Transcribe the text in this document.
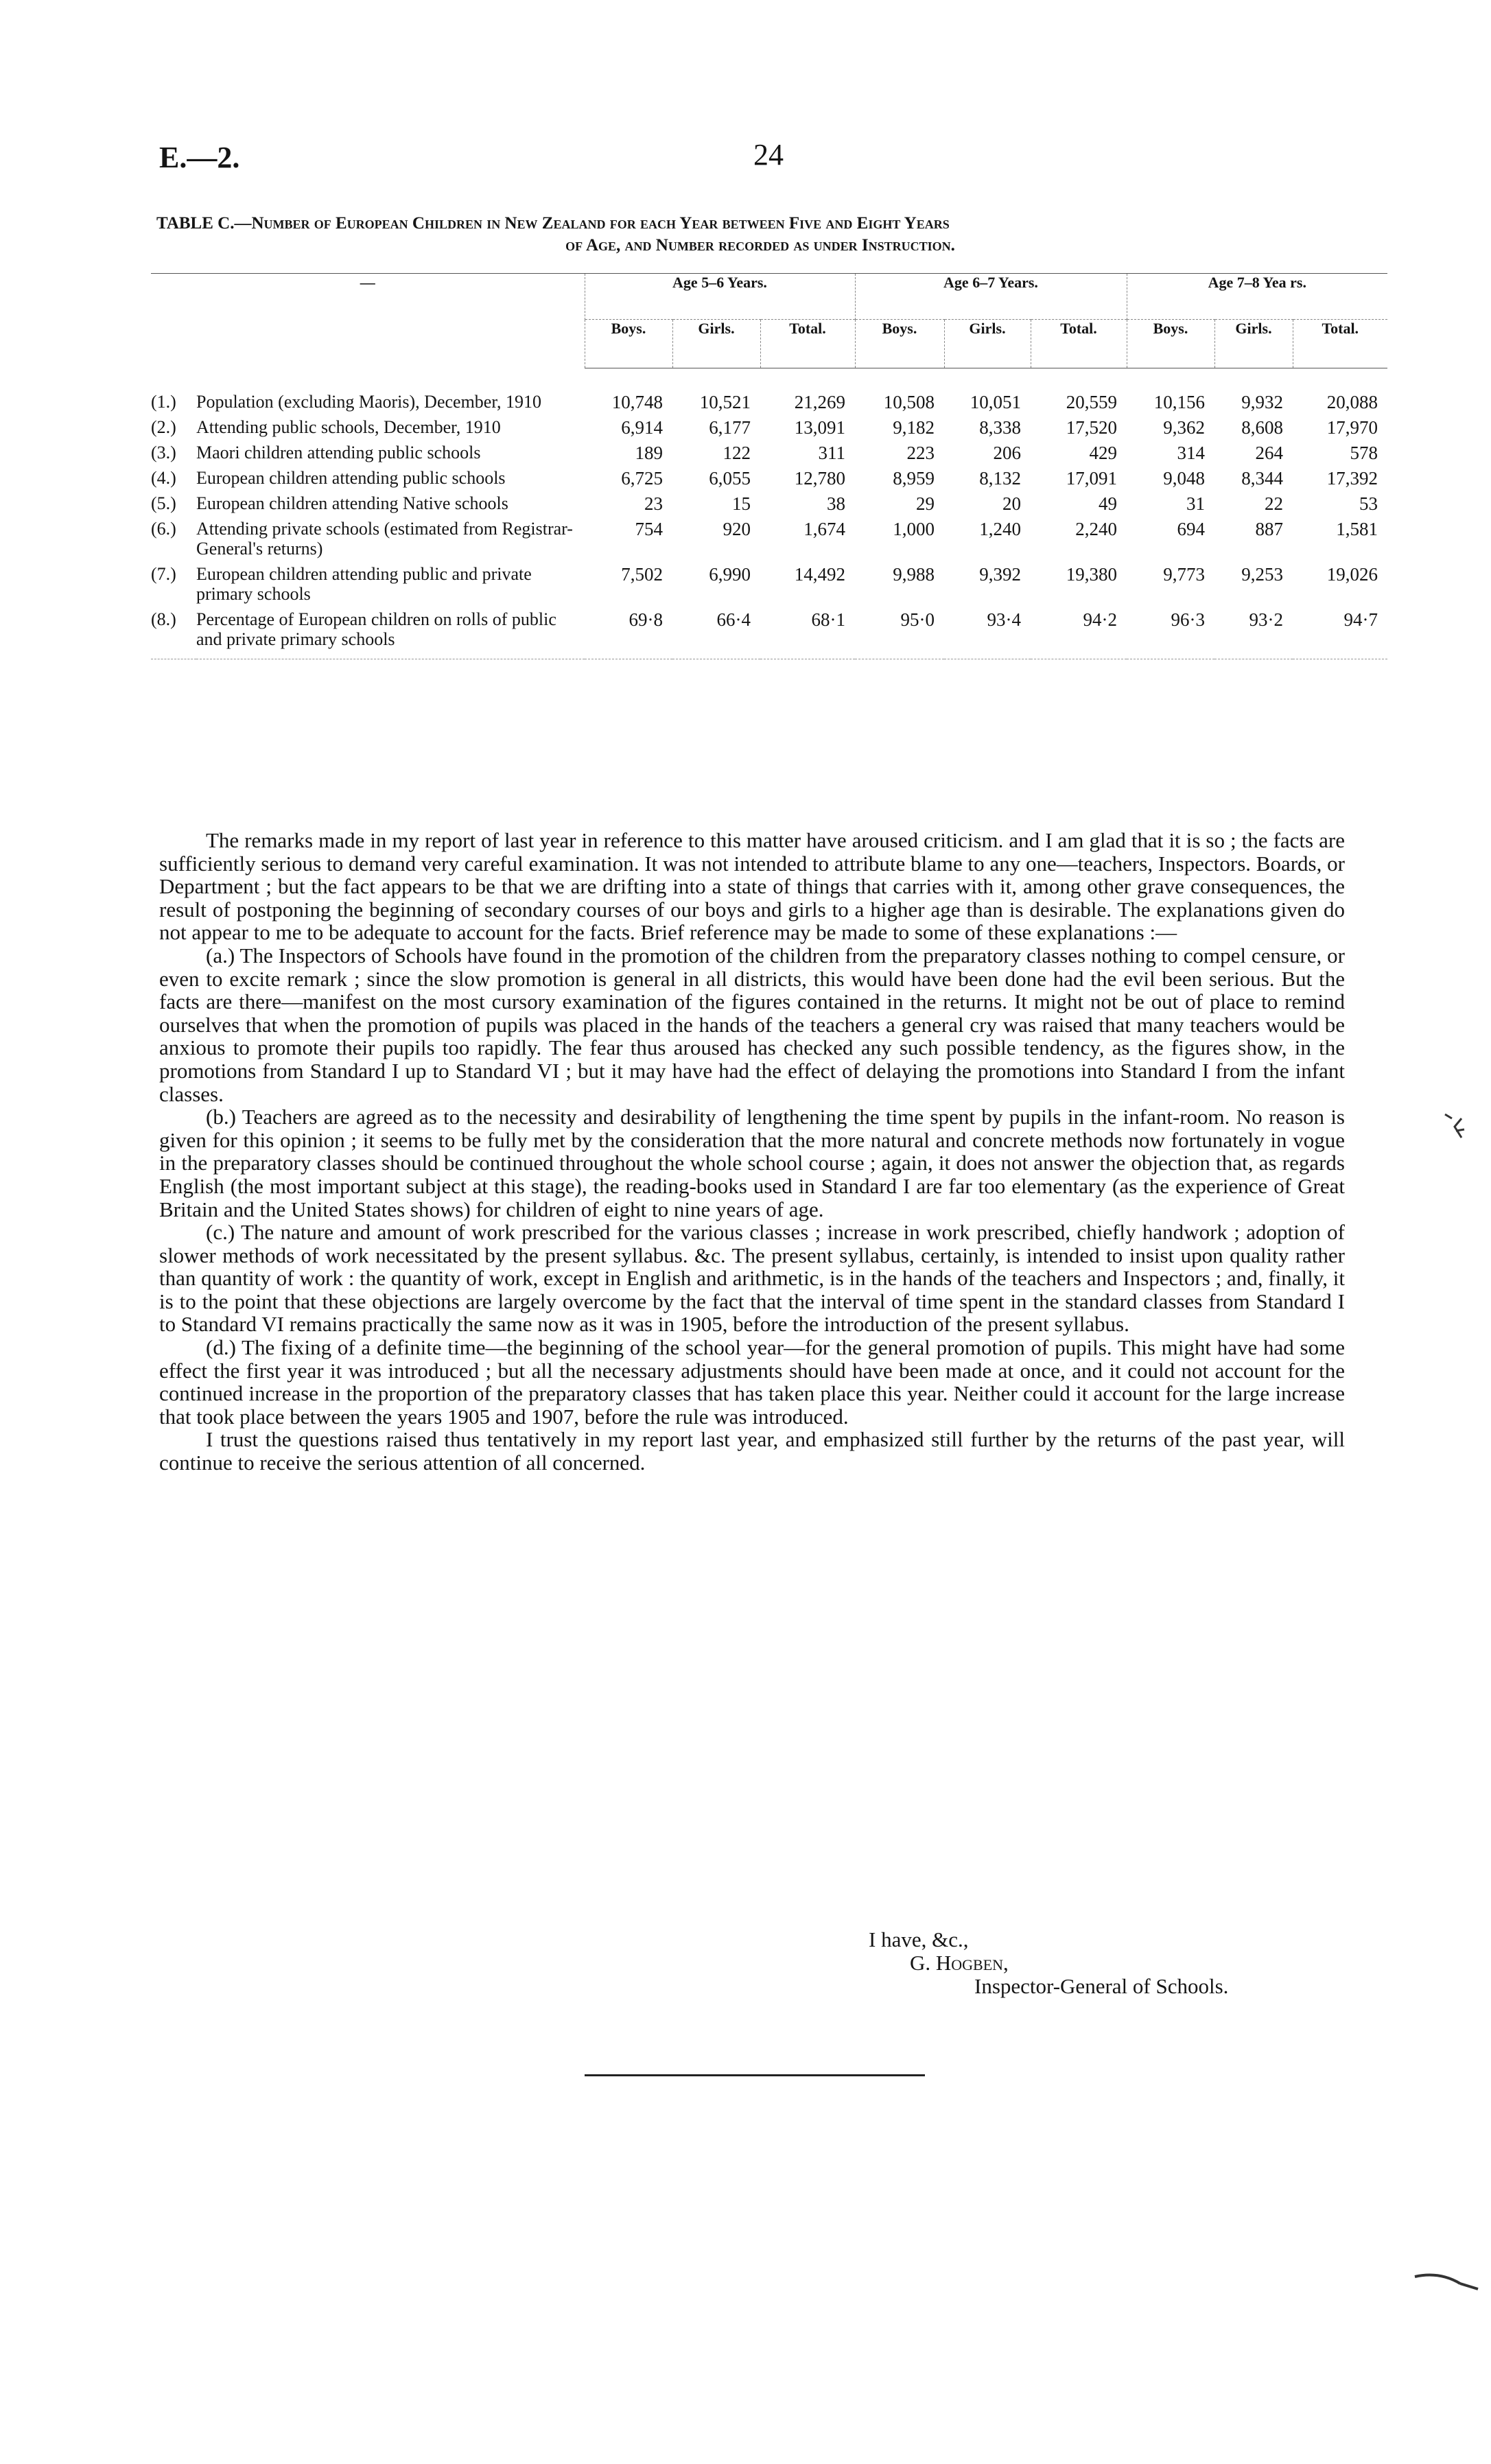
E.—2.	24
TABLE C.—Number of European Children in New Zealand for each Year between Five and Eight Years
of Age, and Number recorded as under Instruction.
—		Age 5–6 Years.			Age 6–7 Years.			Age 7–8 Yea rs.		
		Boys.	Girls.	Total.	Boys.	Girls.	Total.	Boys.	Girls.	Total.
(1.)	Population (excluding Maoris), December, 1910	10,748	10,521	21,269	10,508	10,051	20,559	10,156	9,932	20,088
(2.)	Attending public schools, December, 1910	6,914	6,177	13,091	9,182	8,338	17,520	9,362	8,608	17,970
(3.)	Maori children attending public schools	189	122	311	223	206	429	314	264	578
(4.)	European children attending public schools	6,725	6,055	12,780	8,959	8,132	17,091	9,048	8,344	17,392
(5.)	European children attending Native schools	23	15	38	29	20	49	31	22	53
(6.)	Attending private schools (estimated from Registrar-General's returns)	754	920	1,674	1,000	1,240	2,240	694	887	1,581
(7.)	European children attending public and private primary schools	7,502	6,990	14,492	9,988	9,392	19,380	9,773	9,253	19,026
(8.)	Percentage of European children on rolls of public and private primary schools	69·8	66·4	68·1	95·0	93·4	94·2	96·3	93·2	94·7

The remarks made in my report of last year in reference to this matter have aroused criticism. and I am glad that it is so ; the facts are sufficiently serious to demand very careful examination. It was not intended to attribute blame to any one—teachers, Inspectors. Boards, or Department ; but the fact appears to be that we are drifting into a state of things that carries with it, among other grave consequences, the result of postponing the beginning of secondary courses of our boys and girls to a higher age than is desirable. The explanations given do not appear to me to be adequate to account for the facts. Brief reference may be made to some of these explanations :—

(a.) The Inspectors of Schools have found in the promotion of the children from the preparatory classes nothing to compel censure, or even to excite remark ; since the slow promotion is general in all districts, this would have been done had the evil been serious. But the facts are there—manifest on the most cursory examination of the figures contained in the returns. It might not be out of place to remind ourselves that when the promotion of pupils was placed in the hands of the teachers a general cry was raised that many teachers would be anxious to promote their pupils too rapidly. The fear thus aroused has checked any such possible tendency, as the figures show, in the promotions from Standard I up to Standard VI ; but it may have had the effect of delaying the promotions into Standard I from the infant classes.

(b.) Teachers are agreed as to the necessity and desirability of lengthening the time spent by pupils in the infant-room. No reason is given for this opinion ; it seems to be fully met by the consideration that the more natural and concrete methods now fortunately in vogue in the preparatory classes should be continued throughout the whole school course ; again, it does not answer the objection that, as regards English (the most important subject at this stage), the reading-books used in Standard I are far too elementary (as the experience of Great Britain and the United States shows) for children of eight to nine years of age.

(c.) The nature and amount of work prescribed for the various classes ; increase in work prescribed, chiefly handwork ; adoption of slower methods of work necessitated by the present syllabus. &c. The present syllabus, certainly, is intended to insist upon quality rather than quantity of work : the quantity of work, except in English and arithmetic, is in the hands of the teachers and Inspectors ; and, finally, it is to the point that these objections are largely overcome by the fact that the interval of time spent in the standard classes from Standard I to Standard VI remains practically the same now as it was in 1905, before the introduction of the present syllabus.

(d.) The fixing of a definite time—the beginning of the school year—for the general promotion of pupils. This might have had some effect the first year it was introduced ; but all the necessary adjustments should have been made at once, and it could not account for the continued increase in the proportion of the preparatory classes that has taken place this year. Neither could it account for the large increase that took place between the years 1905 and 1907, before the rule was introduced.

I trust the questions raised thus tentatively in my report last year, and emphasized still further by the returns of the past year, will continue to receive the serious attention of all concerned.

I have, &c.,
G. Hogben,
Inspector-General of Schools.
